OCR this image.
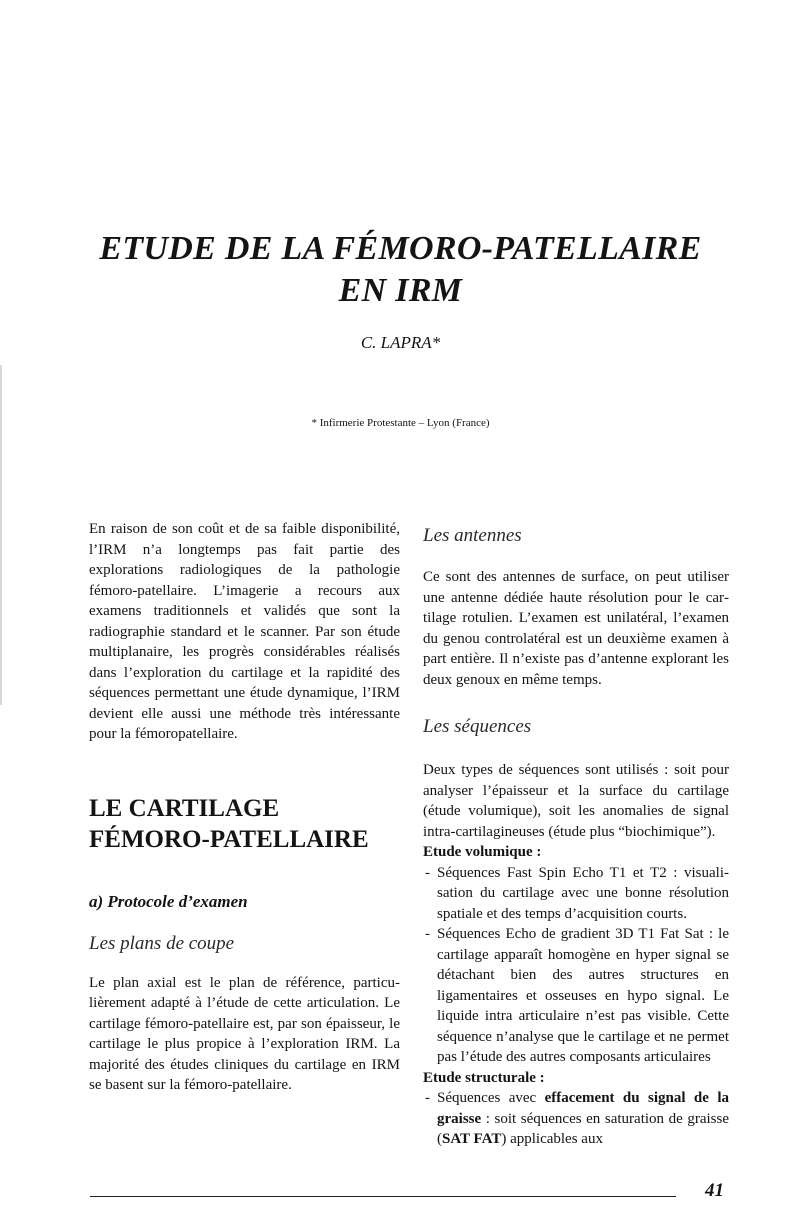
ETUDE DE LA FÉMORO-PATELLAIRE
EN IRM
C. LAPRA*
* Infirmerie Protestante – Lyon (France)

En raison de son coût et de sa faible disponibilité, l’IRM n’a longtemps pas fait partie des explorations radiologiques de la pathologie fémoro-patellaire. L’imagerie a recours aux examens traditionnels et validés que sont la radiographie standard et le scanner. Par son étude multiplanaire, les progrès considérables réalisés dans l’exploration du cartilage et la rapidité des séquences permettant une étude dynamique, l’IRM devient elle aussi une méthode très intéressante pour la fémoropatellaire.

LE CARTILAGE FÉMORO-PATELLAIRE
a) Protocole d’examen
Les plans de coupe

Le plan axial est le plan de référence, particulièrement adapté à l’étude de cette articulation. Le cartilage fémoro-patellaire est, par son épaisseur, le cartilage le plus propice à l’exploration IRM. La majorité des études cliniques du cartilage en IRM se basent sur la fémoro-patellaire.

Les antennes

Ce sont des antennes de surface, on peut utiliser une antenne dédiée haute résolution pour le cartilage rotulien. L’examen est unilatéral, l’examen du genou controlatéral est un deuxième examen à part entière. Il n’existe pas d’antenne explorant les deux genoux en même temps.

Les séquences

Deux types de séquences sont utilisés : soit pour analyser l’épaisseur et la surface du cartilage (étude volumique), soit les anomalies de signal intra-cartilagineuses (étude plus “biochimique”).

Etude volumique :
- Séquences Fast Spin Echo T1 et T2 : visualisation du cartilage avec une bonne résolution spatiale et des temps d’acquisition courts.
- Séquences Echo de gradient 3D T1 Fat Sat : le cartilage apparaît homogène en hyper signal se détachant bien des autres structures en ligamentaires et osseuses en hypo signal. Le liquide intra articulaire n’est pas visible. Cette séquence n’analyse que le cartilage et ne permet pas l’étude des autres composants articulaires
Etude structurale :
- Séquences avec effacement du signal de la graisse : soit séquences en saturation de graisse (SAT FAT) applicables aux
41
